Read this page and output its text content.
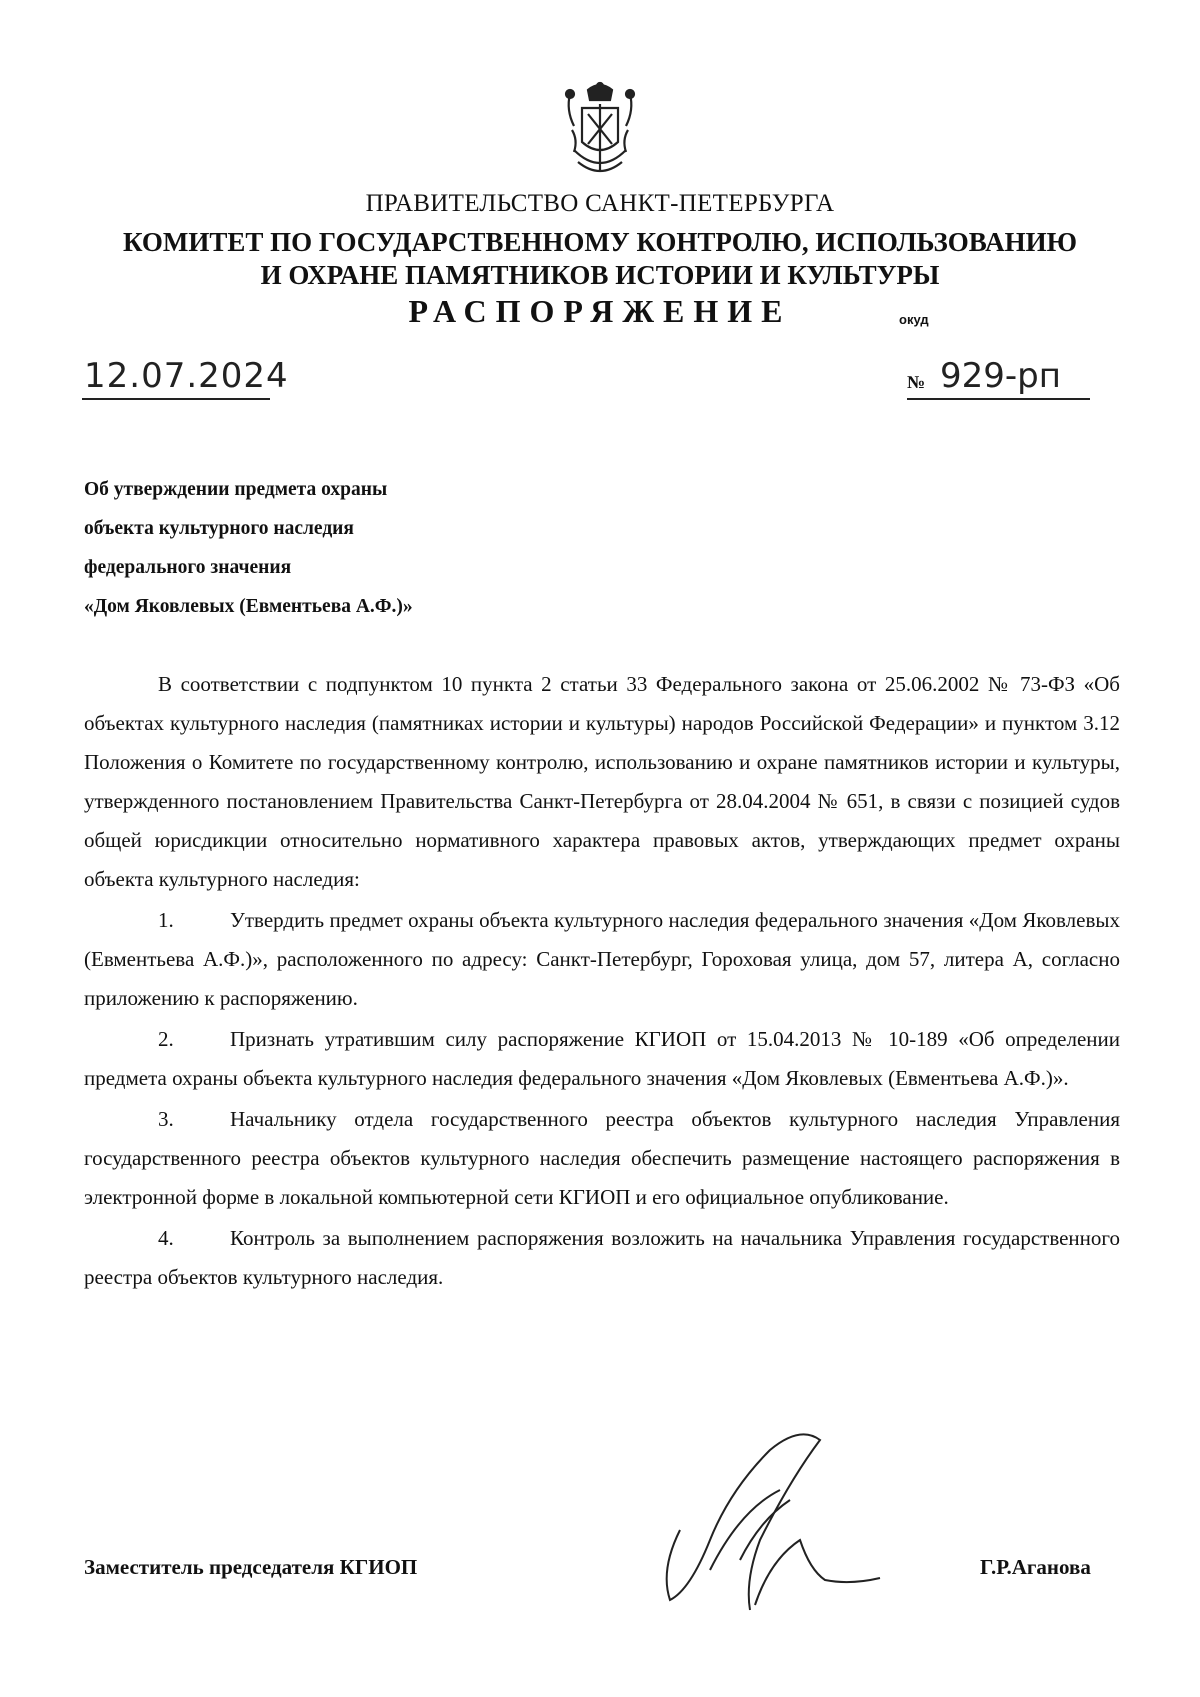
ПРАВИТЕЛЬСТВО САНКТ-ПЕТЕРБУРГА
КОМИТЕТ ПО ГОСУДАРСТВЕННОМУ КОНТРОЛЮ, ИСПОЛЬЗОВАНИЮ
И ОХРАНЕ ПАМЯТНИКОВ ИСТОРИИ И КУЛЬТУРЫ
РАСПОРЯЖЕНИЕ	окуд
12.07.2024	№ 929-рп
Об утверждении предмета охраны
объекта культурного наследия
федерального значения
«Дом Яковлевых (Евментьева А.Ф.)»

В соответствии с подпунктом 10 пункта 2 статьи 33 Федерального закона от 25.06.2002 № 73-ФЗ «Об объектах культурного наследия (памятниках истории и культуры) народов Российской Федерации» и пунктом 3.12 Положения о Комитете по государственному контролю, использованию и охране памятников истории и культуры, утвержденного постановлением Правительства Санкт-Петербурга от 28.04.2004 № 651, в связи с позицией судов общей юрисдикции относительно нормативного характера правовых актов, утверждающих предмет охраны объекта культурного наследия:

1.	Утвердить предмет охраны объекта культурного наследия федерального значения «Дом Яковлевых (Евментьева А.Ф.)», расположенного по адресу: Санкт-Петербург, Гороховая улица, дом 57, литера А, согласно приложению к распоряжению.

2.	Признать утратившим силу распоряжение КГИОП от 15.04.2013 № 10-189 «Об определении предмета охраны объекта культурного наследия федерального значения «Дом Яковлевых (Евментьева А.Ф.)».

3.	Начальнику отдела государственного реестра объектов культурного наследия Управления государственного реестра объектов культурного наследия обеспечить размещение настоящего распоряжения в электронной форме в локальной компьютерной сети КГИОП и его официальное опубликование.

4.	Контроль за выполнением распоряжения возложить на начальника Управления государственного реестра объектов культурного наследия.

Заместитель председателя КГИОП	Г.Р.Аганова
